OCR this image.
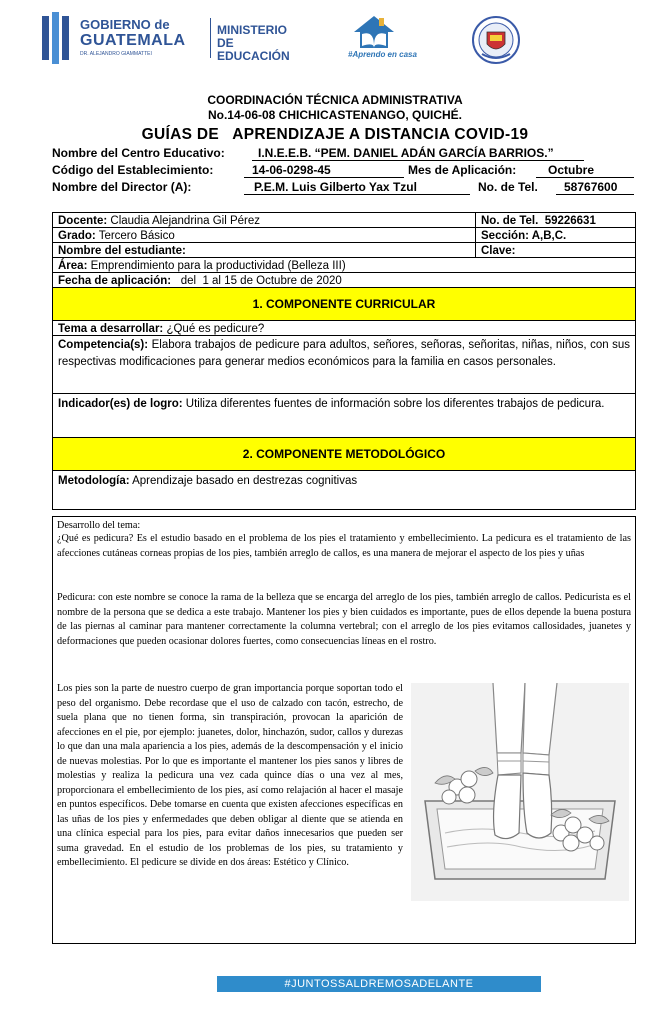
GOBIERNO de
GUATEMALA
DR. ALEJANDRO GIAMMATTEI
MINISTERIO DE
EDUCACIÓN	#Aprendo en casa
COORDINACIÓN TÉCNICA ADMINISTRATIVA
No.14-06-08 CHICHICASTENANGO, QUICHÉ.
GUÍAS DE   APRENDIZAJE A DISTANCIA COVID-19
Nombre del Centro Educativo:	I.N.E.E.B. “PEM. DANIEL ADÁN GARCÍA BARRIOS.”
Código del Establecimiento:	14-06-0298-45	Mes de Aplicación:	Octubre
Nombre del Director (A):	P.E.M. Luis Gilberto Yax Tzul	No. de Tel. 58767600
Docente: Claudia Alejandrina Gil Pérez	No. de Tel. 59226631
Grado: Tercero Básico	Sección: A,B,C.
Nombre del estudiante:	Clave:
Área: Emprendimiento para la productividad (Belleza III)
Fecha de aplicación:   del  1 al 15 de Octubre de 2020
1. COMPONENTE CURRICULAR
Tema a desarrollar: ¿Qué es pedicure?
Competencia(s): Elabora trabajos de pedicure para adultos, señores, señoras, señoritas, niñas, niños, con sus respectivas modificaciones para generar medios económicos para la familia en casos personales.
Indicador(es) de logro: Utiliza diferentes fuentes de información sobre los diferentes trabajos de pedicura.
2. COMPONENTE METODOLÓGICO
Metodología: Aprendizaje basado en destrezas cognitivas
Desarrollo del tema:
¿Qué es pedicura? Es el estudio basado en el problema de los pies el tratamiento y embellecimiento. La pedicura es el tratamiento de las afecciones cutáneas corneas propias de los pies, también arreglo de callos, es una manera de mejorar el aspecto de los pies y uñas
Pedicura: con este nombre se conoce la rama de la belleza que se encarga del arreglo de los pies, también arreglo de callos. Pedicurista es el nombre de la persona que se dedica a este trabajo. Mantener los pies y bien cuidados es importante, pues de ellos depende la buena postura de las piernas al caminar para mantener correctamente la columna vertebral; con el arreglo de los pies evitamos callosidades, juanetes y deformaciones que pueden ocasionar dolores fuertes, como consecuencias líneas en el rostro.
Los pies son la parte de nuestro cuerpo de gran importancia porque soportan todo el peso del organismo. Debe recordase que el uso de calzado con tacón, estrecho, de suela plana que no tienen forma, sin transpiración, provocan la aparición de afecciones en el pie, por ejemplo: juanetes, dolor, hinchazón, sudor, callos y durezas lo que dan una mala apariencia a los pies, además de la descompensación y el inicio de nuevas molestias. Por lo que es importante el mantener los pies sanos y libres de molestias y realiza la pedicura una vez cada quince días o una vez al mes, proporcionara el embellecimiento de los pies, así como relajación al hacer el masaje en puntos específicos. Debe tomarse en cuenta que existen afecciones específicas en las uñas de los pies y enfermedades que deben obligar al diente que se atienda en una clínica especial para los pies, para evitar daños innecesarios que pueden ser suma gravedad. En el estudio de los problemas de los pies, su tratamiento y embellecimiento. El pedicure se divide en dos áreas: Estético y Clínico.
#JUNTOSSALDREMOSADELANTE
